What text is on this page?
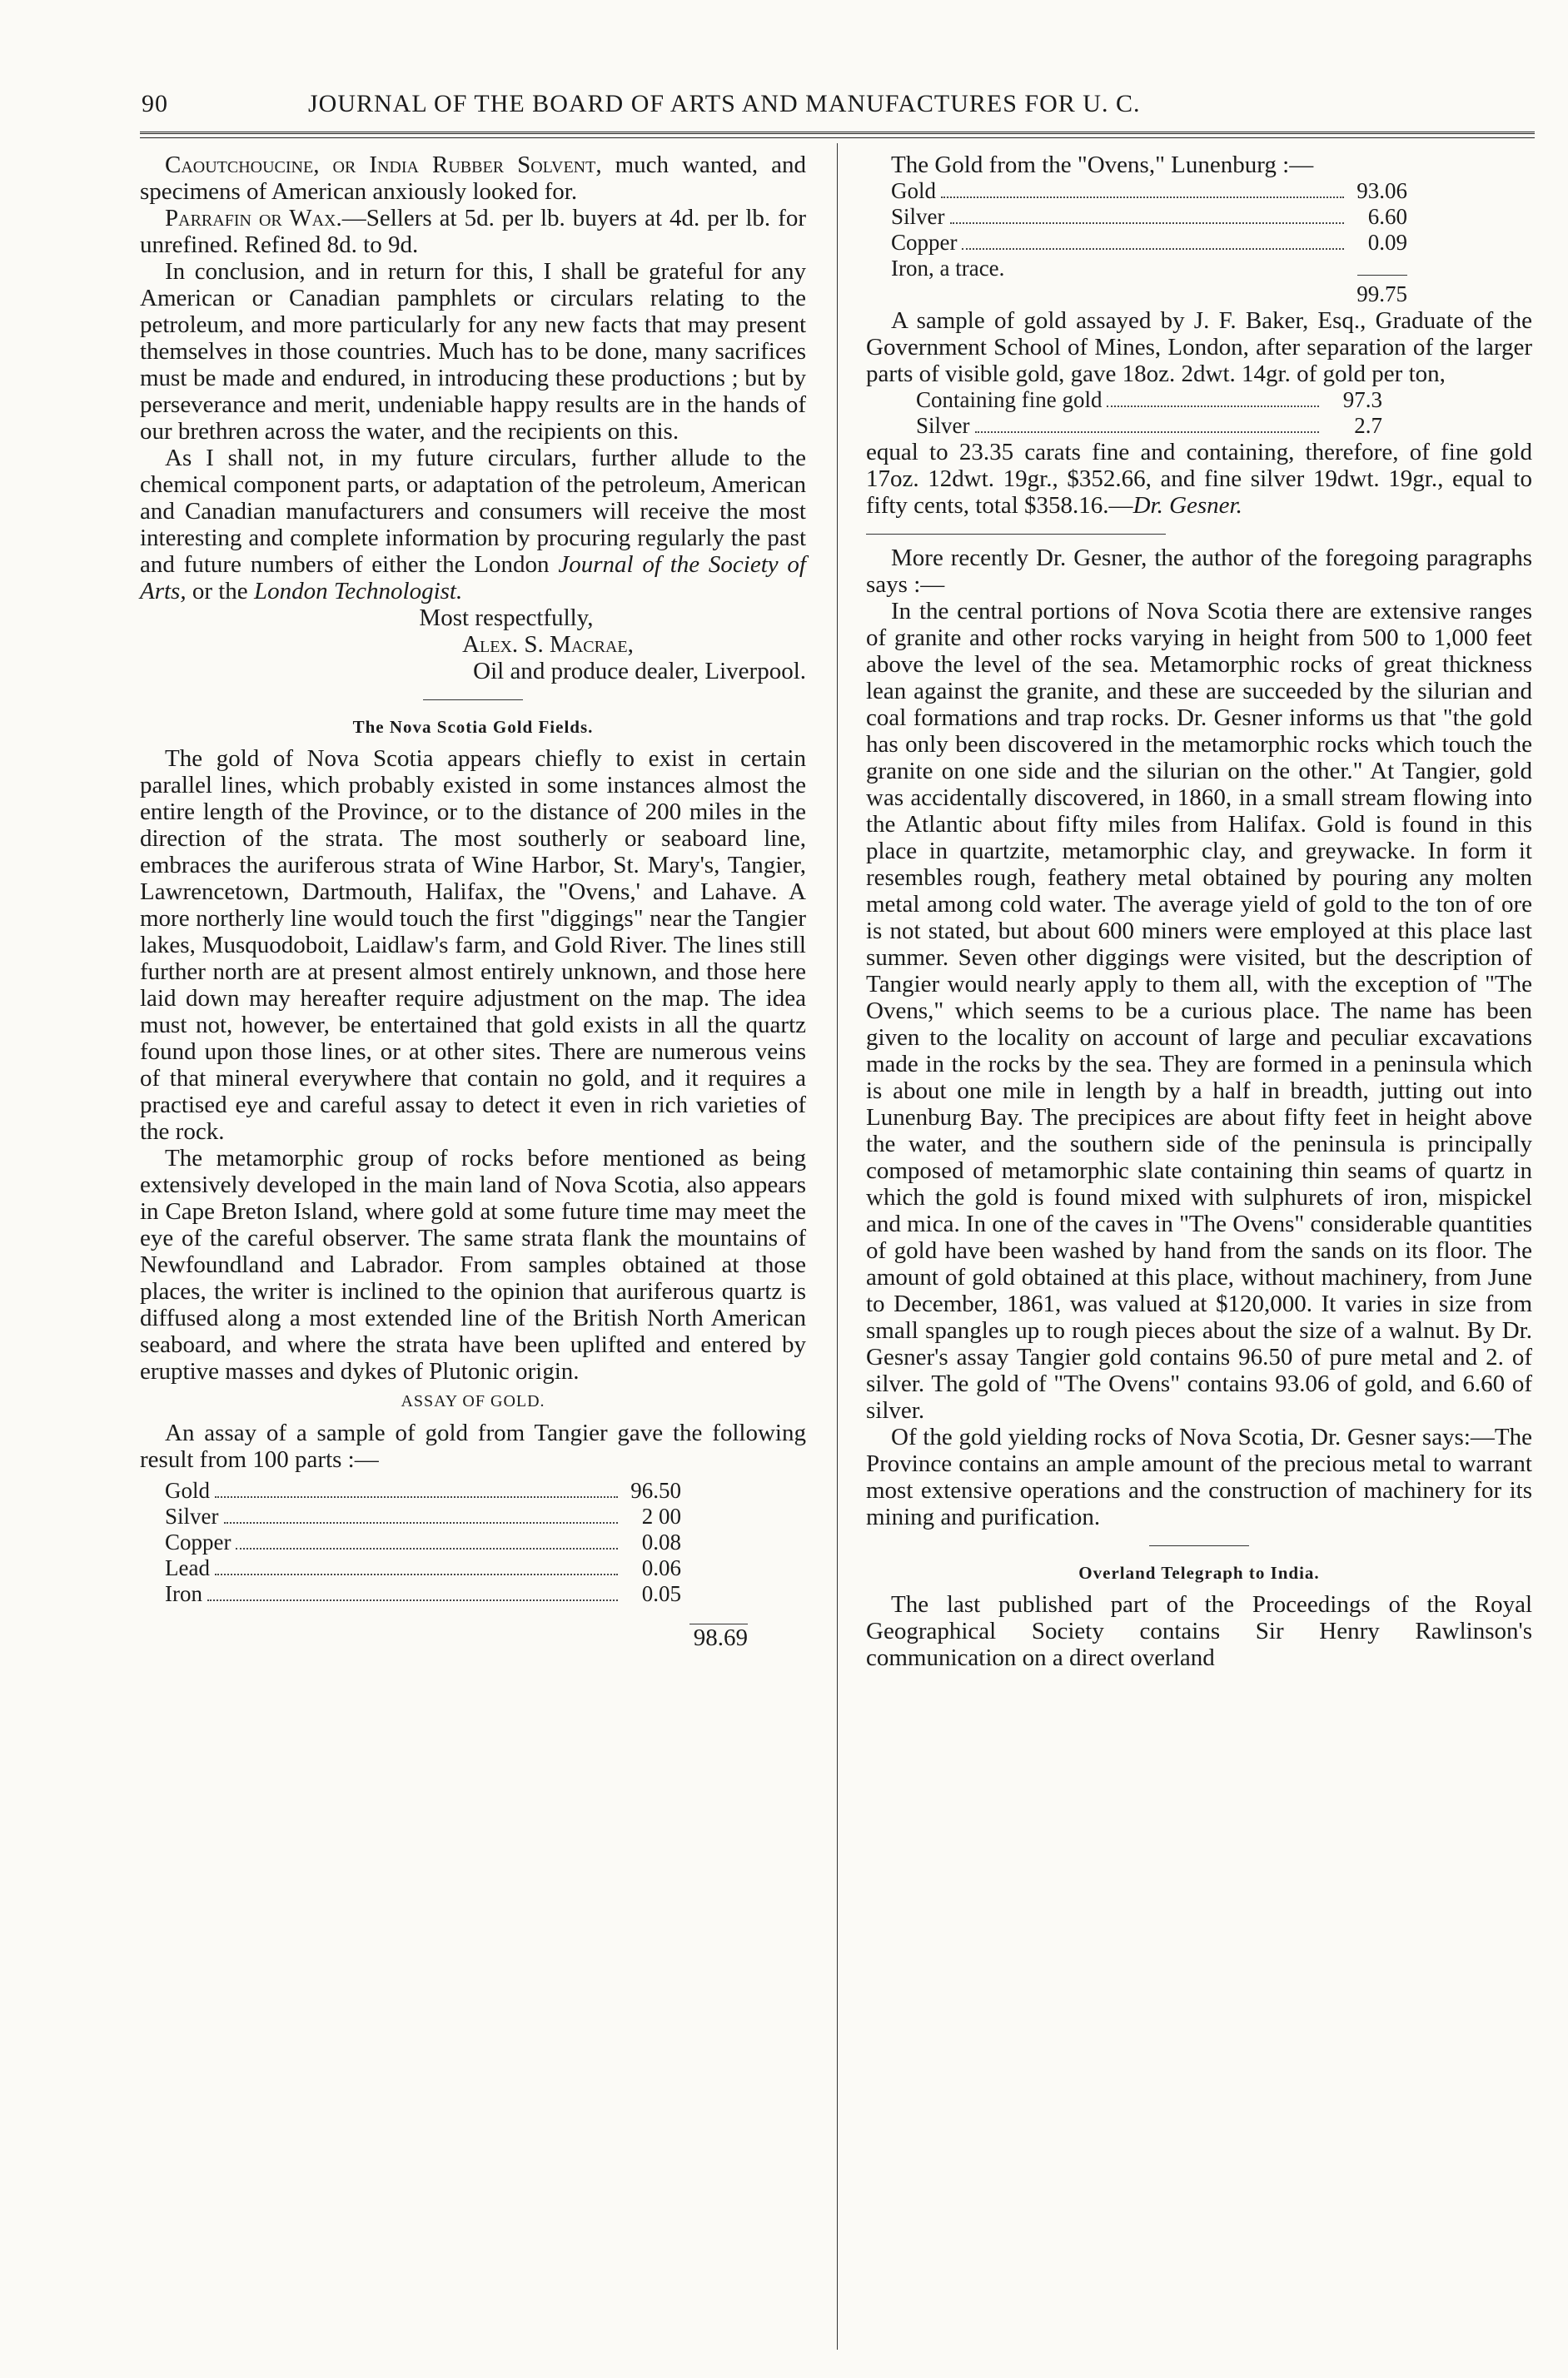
90	JOURNAL OF THE BOARD OF ARTS AND MANUFACTURES FOR U. C.

Caoutchoucine, or India Rubber Solvent, much wanted, and specimens of American anxiously looked for.

Parrafin or Wax.—Sellers at 5d. per lb. buyers at 4d. per lb. for unrefined. Refined 8d. to 9d.

In conclusion, and in return for this, I shall be grateful for any American or Canadian pamphlets or circulars relating to the petroleum, and more particularly for any new facts that may present themselves in those countries. Much has to be done, many sacrifices must be made and endured, in introducing these productions ; but by perseverance and merit, undeniable happy results are in the hands of our brethren across the water, and the recipients on this.

As I shall not, in my future circulars, further allude to the chemical component parts, or adaptation of the petroleum, American and Canadian manufacturers and consumers will receive the most interesting and complete information by procuring regularly the past and future numbers of either the London Journal of the Society of Arts, or the London Technologist.

Most respectfully,

Alex. S. Macrae,

Oil and produce dealer, Liverpool.

The Nova Scotia Gold Fields.

The gold of Nova Scotia appears chiefly to exist in certain parallel lines, which probably existed in some instances almost the entire length of the Province, or to the distance of 200 miles in the direction of the strata. The most southerly or seaboard line, embraces the auriferous strata of Wine Harbor, St. Mary's, Tangier, Lawrencetown, Dartmouth, Halifax, the "Ovens,' and Lahave. A more northerly line would touch the first "diggings" near the Tangier lakes, Musquodoboit, Laidlaw's farm, and Gold River. The lines still further north are at present almost entirely unknown, and those here laid down may hereafter require adjustment on the map. The idea must not, however, be entertained that gold exists in all the quartz found upon those lines, or at other sites. There are numerous veins of that mineral everywhere that contain no gold, and it requires a practised eye and careful assay to detect it even in rich varieties of the rock.

The metamorphic group of rocks before mentioned as being extensively developed in the main land of Nova Scotia, also appears in Cape Breton Island, where gold at some future time may meet the eye of the careful observer. The same strata flank the mountains of Newfoundland and Labrador. From samples obtained at those places, the writer is inclined to the opinion that auriferous quartz is diffused along a most extended line of the British North American seaboard, and where the strata have been uplifted and entered by eruptive masses and dykes of Plutonic origin.

ASSAY OF GOLD.

An assay of a sample of gold from Tangier gave the following result from 100 parts :—

Gold	96.50
Silver	2 00
Copper	0.08
Lead	0.06
Iron	0.05
98.69

The Gold from the "Ovens," Lunenburg :—

Gold	93.06
Silver	6.60
Copper	0.09
Iron, a trace.
99.75

A sample of gold assayed by J. F. Baker, Esq., Graduate of the Government School of Mines, London, after separation of the larger parts of visible gold, gave 18oz. 2dwt. 14gr. of gold per ton,

Containing fine gold	97.3
Silver	2.7

equal to 23.35 carats fine and containing, therefore, of fine gold 17oz. 12dwt. 19gr., $352.66, and fine silver 19dwt. 19gr., equal to fifty cents, total $358.16.—Dr. Gesner.

More recently Dr. Gesner, the author of the foregoing paragraphs says :—

In the central portions of Nova Scotia there are extensive ranges of granite and other rocks varying in height from 500 to 1,000 feet above the level of the sea. Metamorphic rocks of great thickness lean against the granite, and these are succeeded by the silurian and coal formations and trap rocks. Dr. Gesner informs us that "the gold has only been discovered in the metamorphic rocks which touch the granite on one side and the silurian on the other." At Tangier, gold was accidentally discovered, in 1860, in a small stream flowing into the Atlantic about fifty miles from Halifax. Gold is found in this place in quartzite, metamorphic clay, and greywacke. In form it resembles rough, feathery metal obtained by pouring any molten metal among cold water. The average yield of gold to the ton of ore is not stated, but about 600 miners were employed at this place last summer. Seven other diggings were visited, but the description of Tangier would nearly apply to them all, with the exception of "The Ovens," which seems to be a curious place. The name has been given to the locality on account of large and peculiar excavations made in the rocks by the sea. They are formed in a peninsula which is about one mile in length by a half in breadth, jutting out into Lunenburg Bay. The precipices are about fifty feet in height above the water, and the southern side of the peninsula is principally composed of metamorphic slate containing thin seams of quartz in which the gold is found mixed with sulphurets of iron, mispickel and mica. In one of the caves in "The Ovens" considerable quantities of gold have been washed by hand from the sands on its floor. The amount of gold obtained at this place, without machinery, from June to December, 1861, was valued at $120,000. It varies in size from small spangles up to rough pieces about the size of a walnut. By Dr. Gesner's assay Tangier gold contains 96.50 of pure metal and 2. of silver. The gold of "The Ovens" contains 93.06 of gold, and 6.60 of silver.

Of the gold yielding rocks of Nova Scotia, Dr. Gesner says:—The Province contains an ample amount of the precious metal to warrant most extensive operations and the construction of machinery for its mining and purification.

Overland Telegraph to India.

The last published part of the Proceedings of the Royal Geographical Society contains Sir Henry Rawlinson's communication on a direct overland
